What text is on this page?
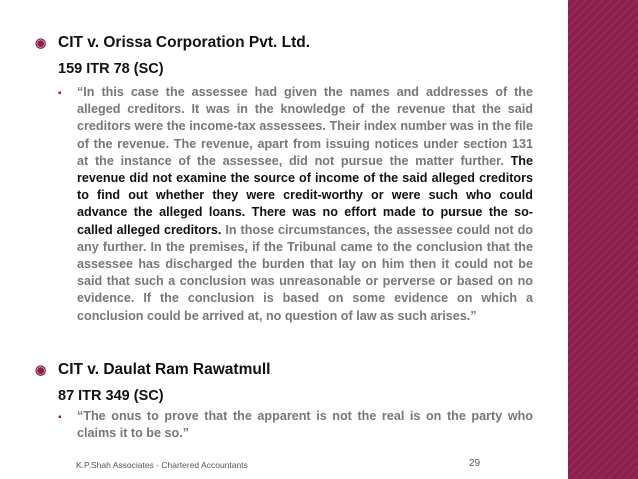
◉ CIT v. Orissa Corporation Pvt. Ltd.
159 ITR 78 (SC)
▪ “In this case the assessee had given the names and addresses of the alleged creditors. It was in the knowledge of the revenue that the said creditors were the income-tax assessees. Their index number was in the file of the revenue. The revenue, apart from issuing notices under section 131 at the instance of the assessee, did not pursue the matter further. The revenue did not examine the source of income of the said alleged creditors to find out whether they were credit-worthy or were such who could advance the alleged loans. There was no effort made to pursue the so-called alleged creditors. In those circumstances, the assessee could not do any further. In the premises, if the Tribunal came to the conclusion that the assessee has discharged the burden that lay on him then it could not be said that such a conclusion was unreasonable or perverse or based on no evidence. If the conclusion is based on some evidence on which a conclusion could be arrived at, no question of law as such arises.”
◉ CIT v. Daulat Ram Rawatmull
87 ITR 349 (SC)
▪ “The onus to prove that the apparent is not the real is on the party who claims it to be so.”
K.P.Shah Associates - Chartered Accountants	29
